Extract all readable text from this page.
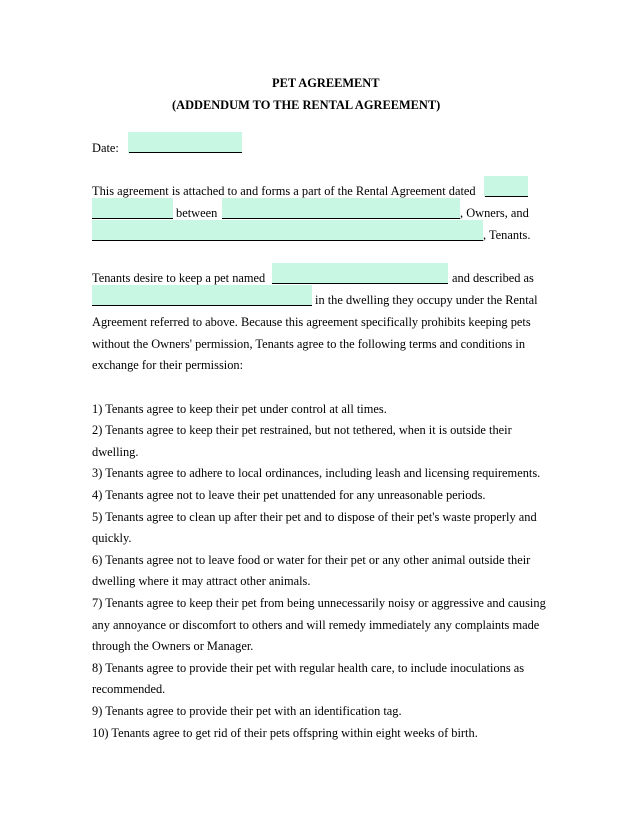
PET AGREEMENT
(ADDENDUM TO THE RENTAL AGREEMENT)
Date:
This agreement is attached to and forms a part of the Rental Agreement dated
between	, Owners, and
, Tenants.
Tenants desire to keep a pet named	and described as
in the dwelling they occupy under the Rental
Agreement referred to above. Because this agreement specifically prohibits keeping pets
without the Owners' permission, Tenants agree to the following terms and conditions in
exchange for their permission:
1) Tenants agree to keep their pet under control at all times.
2) Tenants agree to keep their pet restrained, but not tethered, when it is outside their
dwelling.
3) Tenants agree to adhere to local ordinances, including leash and licensing requirements.
4) Tenants agree not to leave their pet unattended for any unreasonable periods.
5) Tenants agree to clean up after their pet and to dispose of their pet's waste properly and
quickly.
6) Tenants agree not to leave food or water for their pet or any other animal outside their
dwelling where it may attract other animals.
7) Tenants agree to keep their pet from being unnecessarily noisy or aggressive and causing
any annoyance or discomfort to others and will remedy immediately any complaints made
through the Owners or Manager.
8) Tenants agree to provide their pet with regular health care, to include inoculations as
recommended.
9) Tenants agree to provide their pet with an identification tag.
10) Tenants agree to get rid of their pets offspring within eight weeks of birth.
